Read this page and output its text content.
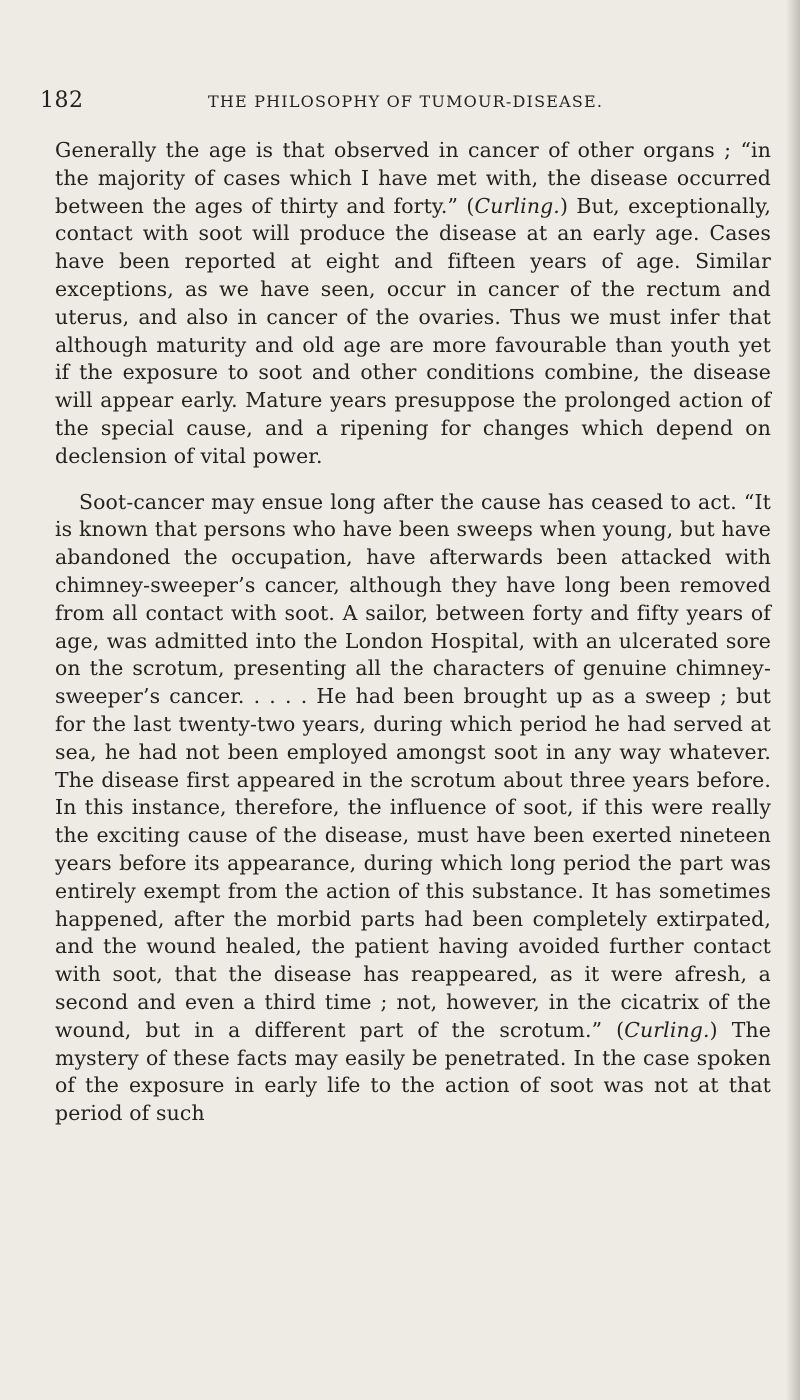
182	THE PHILOSOPHY OF TUMOUR-DISEASE.

Generally the age is that observed in cancer of other organs ; “in the majority of cases which I have met with, the disease occurred between the ages of thirty and forty.” (Curling.) But, exceptionally, contact with soot will produce the disease at an early age. Cases have been reported at eight and fifteen years of age. Similar exceptions, as we have seen, occur in cancer of the rectum and uterus, and also in cancer of the ovaries. Thus we must infer that although maturity and old age are more favourable than youth yet if the exposure to soot and other conditions combine, the disease will appear early. Mature years presuppose the prolonged action of the special cause, and a ripening for changes which depend on declension of vital power.

Soot-cancer may ensue long after the cause has ceased to act. “It is known that persons who have been sweeps when young, but have abandoned the occupation, have afterwards been attacked with chimney-sweeper’s cancer, although they have long been removed from all contact with soot. A sailor, between forty and fifty years of age, was admitted into the London Hospital, with an ulcerated sore on the scrotum, presenting all the characters of genuine chimney-sweeper’s cancer. . . . . He had been brought up as a sweep ; but for the last twenty-two years, during which period he had served at sea, he had not been employed amongst soot in any way whatever. The disease first appeared in the scrotum about three years before. In this instance, therefore, the influence of soot, if this were really the exciting cause of the disease, must have been exerted nineteen years before its appearance, during which long period the part was entirely exempt from the action of this substance. It has sometimes happened, after the morbid parts had been completely extirpated, and the wound healed, the patient having avoided further contact with soot, that the disease has reappeared, as it were afresh, a second and even a third time ; not, however, in the cicatrix of the wound, but in a different part of the scrotum.” (Curling.) The mystery of these facts may easily be penetrated. In the case spoken of the exposure in early life to the action of soot was not at that period of such
